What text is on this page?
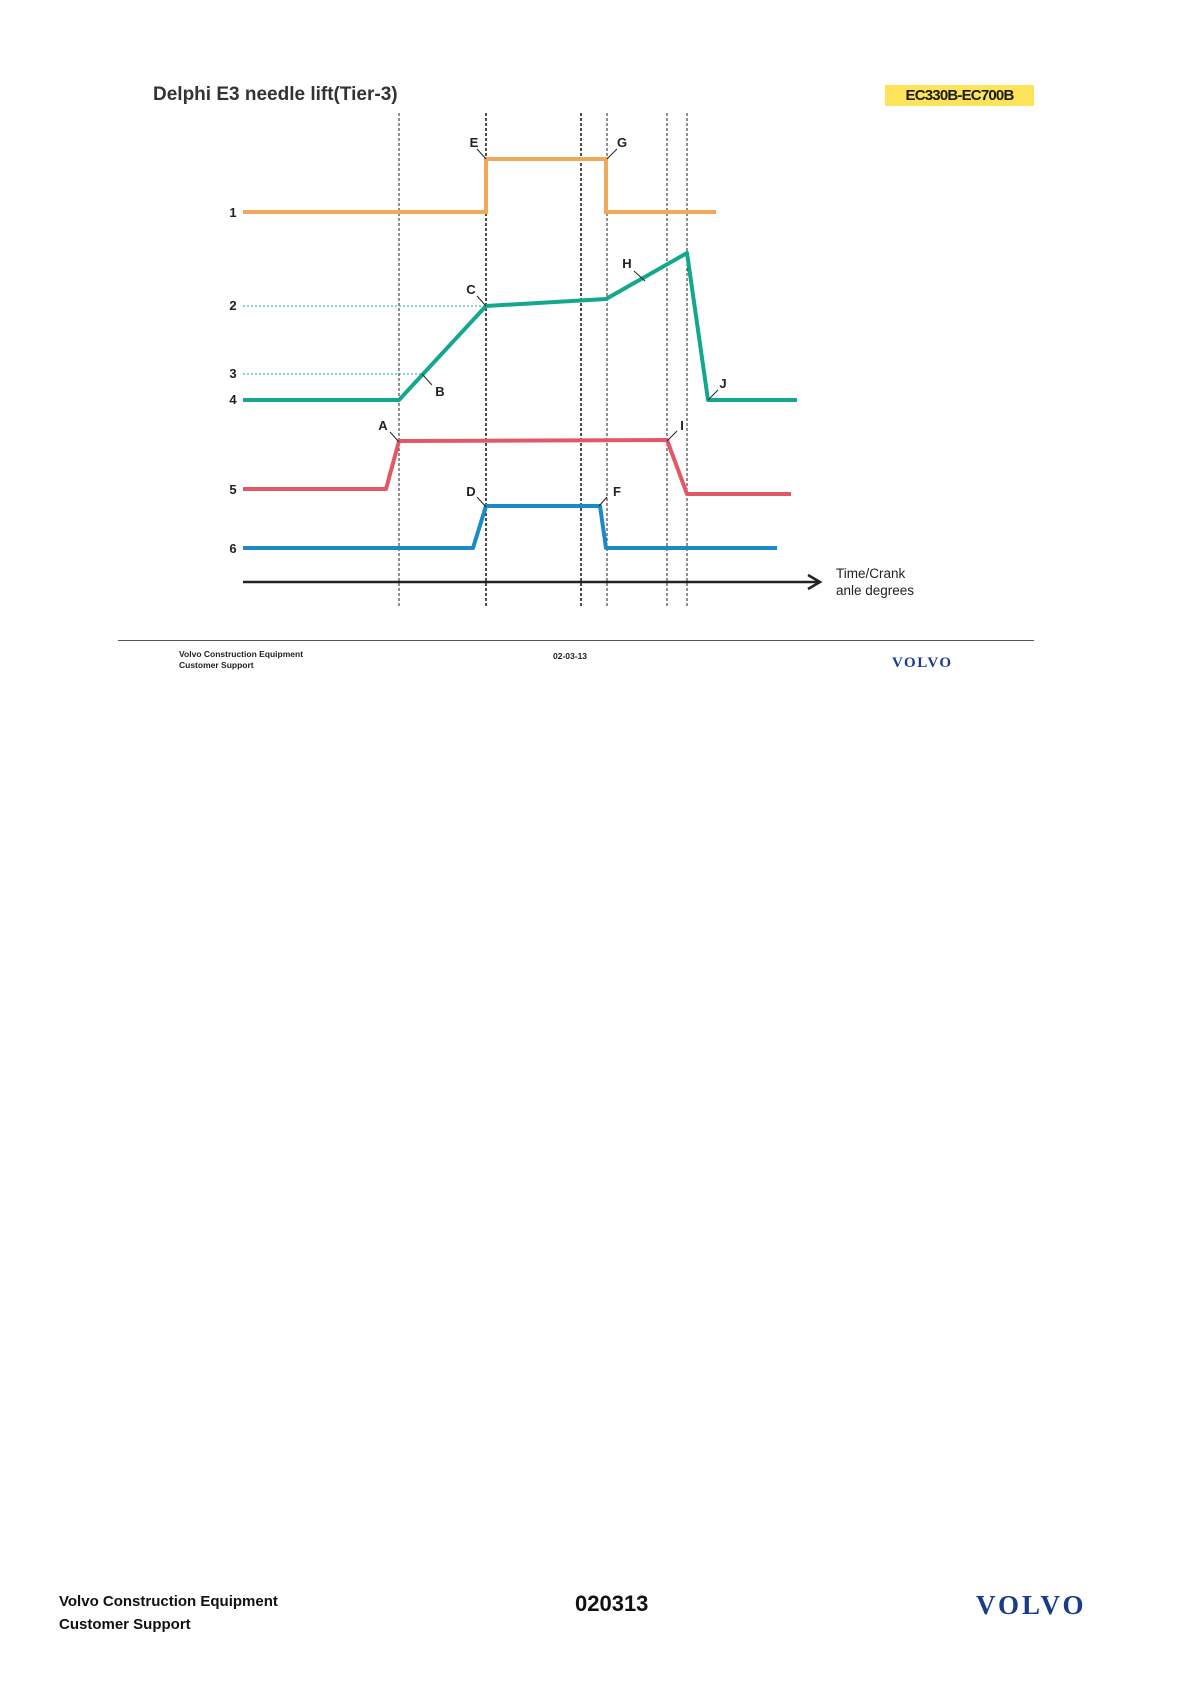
Delphi E3 needle lift(Tier-3)	EC330B-EC700B
Time/Crank
anle degrees
1
2
3
4
5
6
A
B
C
D
E
F
G
H
I
J
Volvo Construction Equipment
Customer Support
02-03-13	VOLVO
Volvo Construction Equipment
Customer Support
020313	VOLVO
